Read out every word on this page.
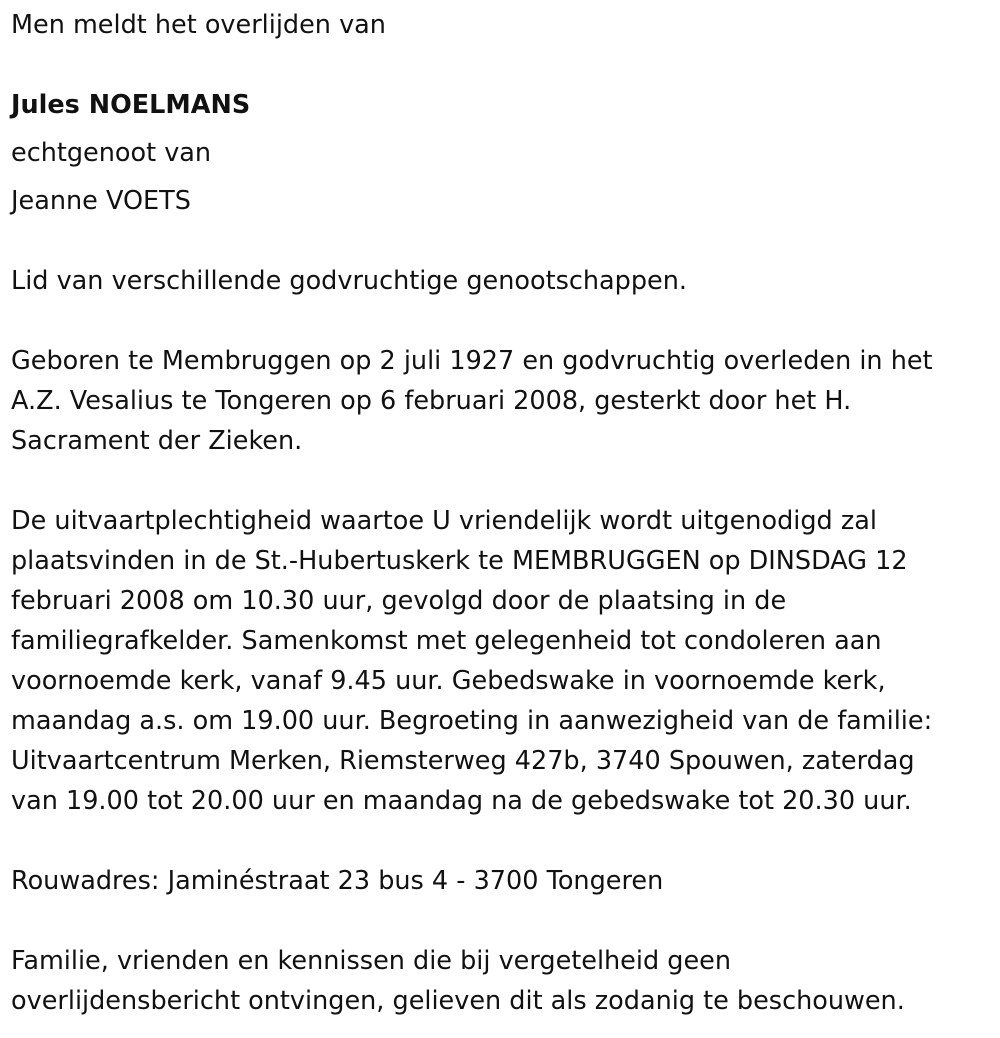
Men meldt het overlijden van
Jules NOELMANS
echtgenoot van
Jeanne VOETS
Lid van verschillende godvruchtige genootschappen.
Geboren te Membruggen op 2 juli 1927 en godvruchtig overleden in het
A.Z. Vesalius te Tongeren op 6 februari 2008, gesterkt door het H.
Sacrament der Zieken.
De uitvaartplechtigheid waartoe U vriendelijk wordt uitgenodigd zal
plaatsvinden in de St.-Hubertuskerk te MEMBRUGGEN op DINSDAG 12
februari 2008 om 10.30 uur, gevolgd door de plaatsing in de
familiegrafkelder. Samenkomst met gelegenheid tot condoleren aan
voornoemde kerk, vanaf 9.45 uur. Gebedswake in voornoemde kerk,
maandag a.s. om 19.00 uur. Begroeting in aanwezigheid van de familie:
Uitvaartcentrum Merken, Riemsterweg 427b, 3740 Spouwen, zaterdag
van 19.00 tot 20.00 uur en maandag na de gebedswake tot 20.30 uur.
Rouwadres: Jaminéstraat 23 bus 4 - 3700 Tongeren
Familie, vrienden en kennissen die bij vergetelheid geen
overlijdensbericht ontvingen, gelieven dit als zodanig te beschouwen.
